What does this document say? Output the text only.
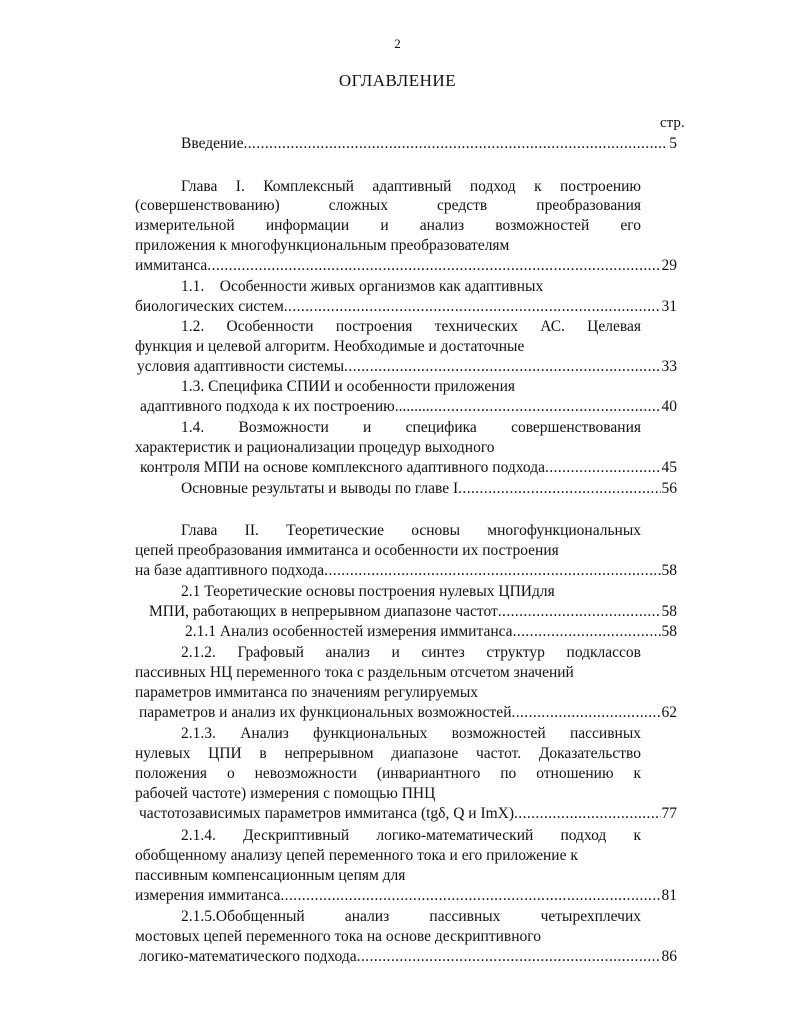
2
ОГЛАВЛЕНИЕ
стр.
Введение .....	5
Глава I. Комплексный адаптивный подход к построению
(совершенствованию) сложных средств преобразования
измерительной информации и анализ возможностей его
приложения к многофункциональным преобразователям
иммитанса .....	29
1.1.    Особенности живых организмов как адаптивных
биологических систем .....	31
1.2. Особенности построения технических АС. Целевая
функция и целевой алгоритм. Необходимые и достаточные
условия адаптивности системы .....	33
1.3. Специфика СПИИ и особенности приложения
адаптивного подхода к их построению......... .....	40
1.4. Возможности и специфика совершенствования
характеристик и рационализации процедур выходного
контроля МПИ на основе комплексного адаптивного подхода .....	45
Основные результаты и выводы по главе I .....	56
Глава II. Теоретические основы многофункциональных
цепей преобразования иммитанса и особенности их построения
на базе адаптивного подхода .....	58
2.1 Теоретические основы построения нулевых ЦПИдля
МПИ, работающих в непрерывном диапазоне частот .....	58
2.1.1 Анализ особенностей измерения иммитанса .....	58
2.1.2. Графовый анализ и синтез структур подклассов
пассивных НЦ переменного тока с раздельным отсчетом значений
параметров иммитанса по значениям регулируемых
параметров и анализ их функциональных возможностей .....	62
2.1.3. Анализ функциональных возможностей пассивных
нулевых ЦПИ в непрерывном диапазоне частот. Доказательство
положения о невозможности (инвариантного по отношению к
рабочей частоте) измерения с помощью ПНЦ
частотозависимых параметров иммитанса (tgδ, Q и ImX) .....	77
2.1.4. Дескриптивный логико-математический подход к
обобщенному анализу цепей переменного тока и его приложение к
пассивным компенсационным цепям для
измерения иммитанса .....	81
2.1.5.Обобщенный анализ пассивных четырехплечих
мостовых цепей переменного тока на основе дескриптивного
логико-математического подхода .....	86
